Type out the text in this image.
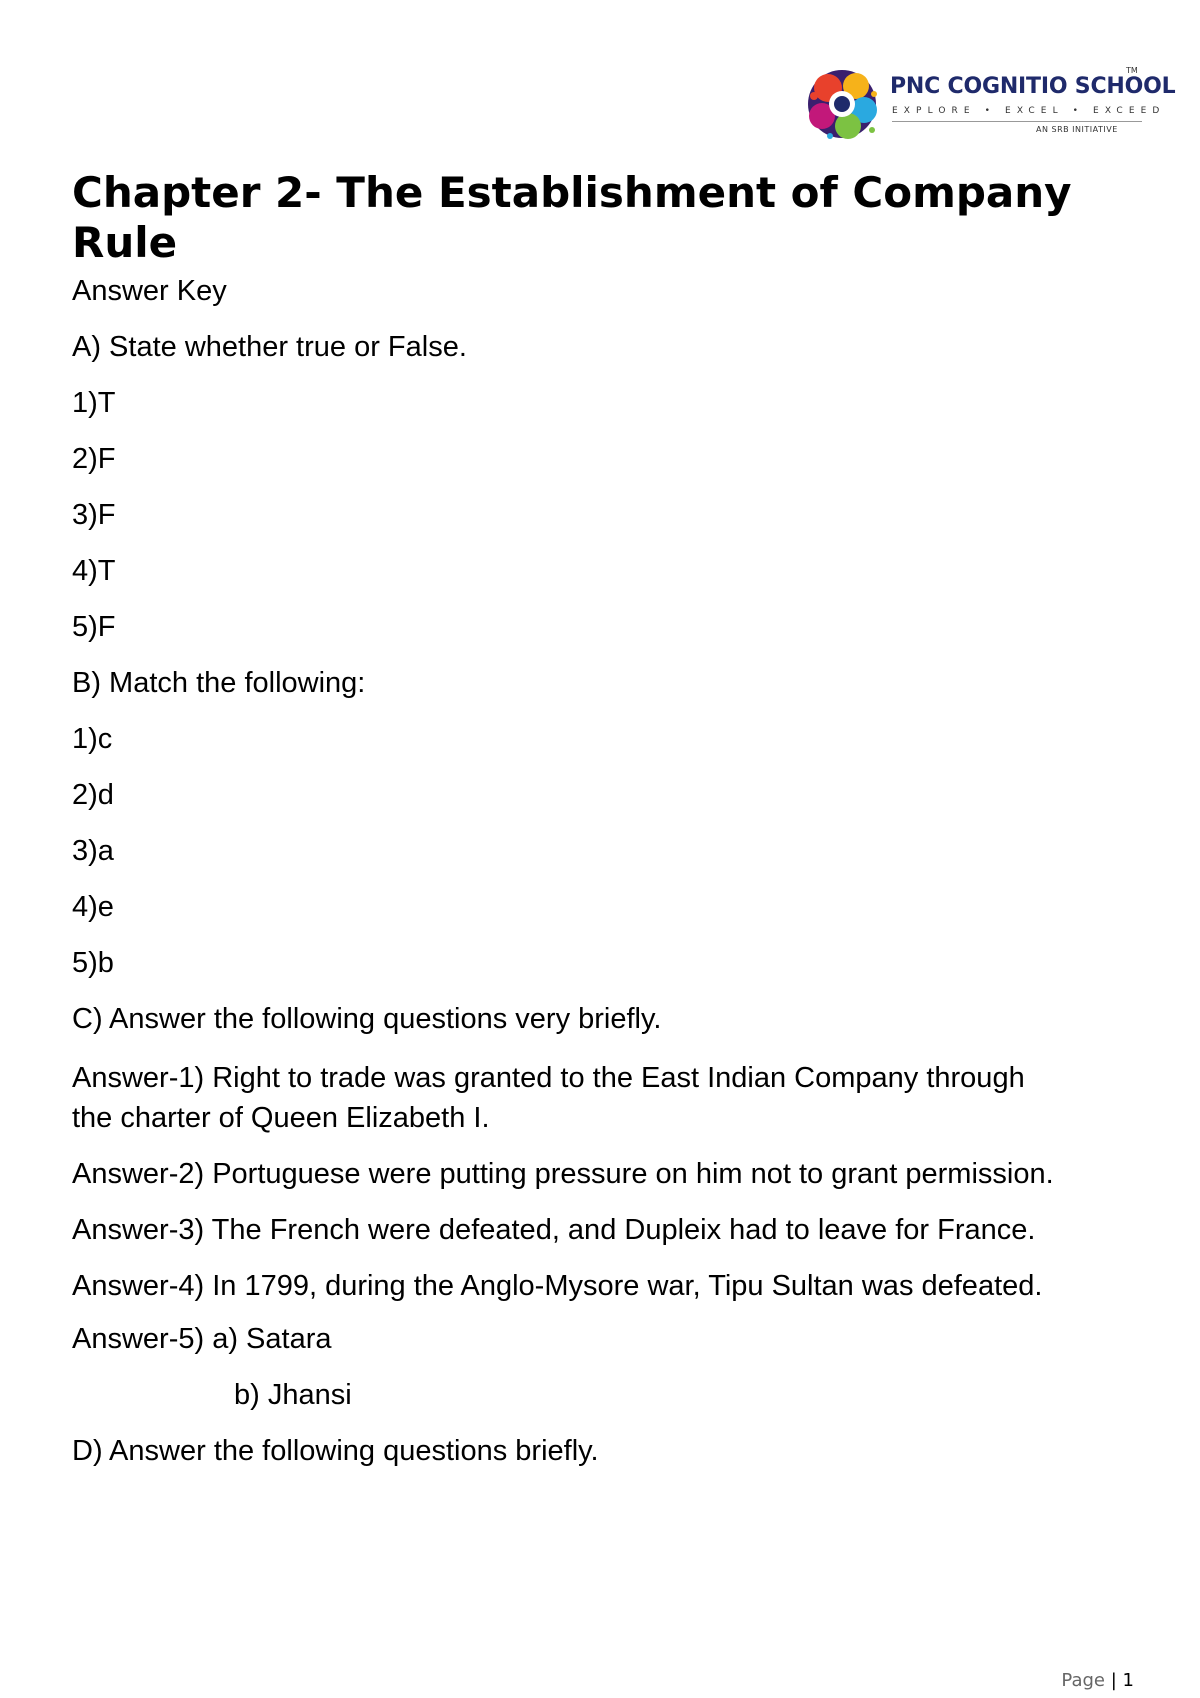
PNC COGNITIO SCHOOL
TM
EXPLORE • EXCEL • EXCEED
AN SRB INITIATIVE
Chapter 2- The Establishment of Company Rule

Answer Key

A) State whether true or False.

1)T

2)F

3)F

4)T

5)F

B) Match the following:

1)c

2)d

3)a

4)e

5)b

C) Answer the following questions very briefly.

Answer-1) Right to trade was granted to the East Indian Company through the charter of Queen Elizabeth I.

Answer-2) Portuguese were putting pressure on him not to grant permission.

Answer-3) The French were defeated, and Dupleix had to leave for France.

Answer-4) In 1799, during the Anglo-Mysore war, Tipu Sultan was defeated.

Answer-5) a) Satara

b) Jhansi

D) Answer the following questions briefly.

Page | 1
